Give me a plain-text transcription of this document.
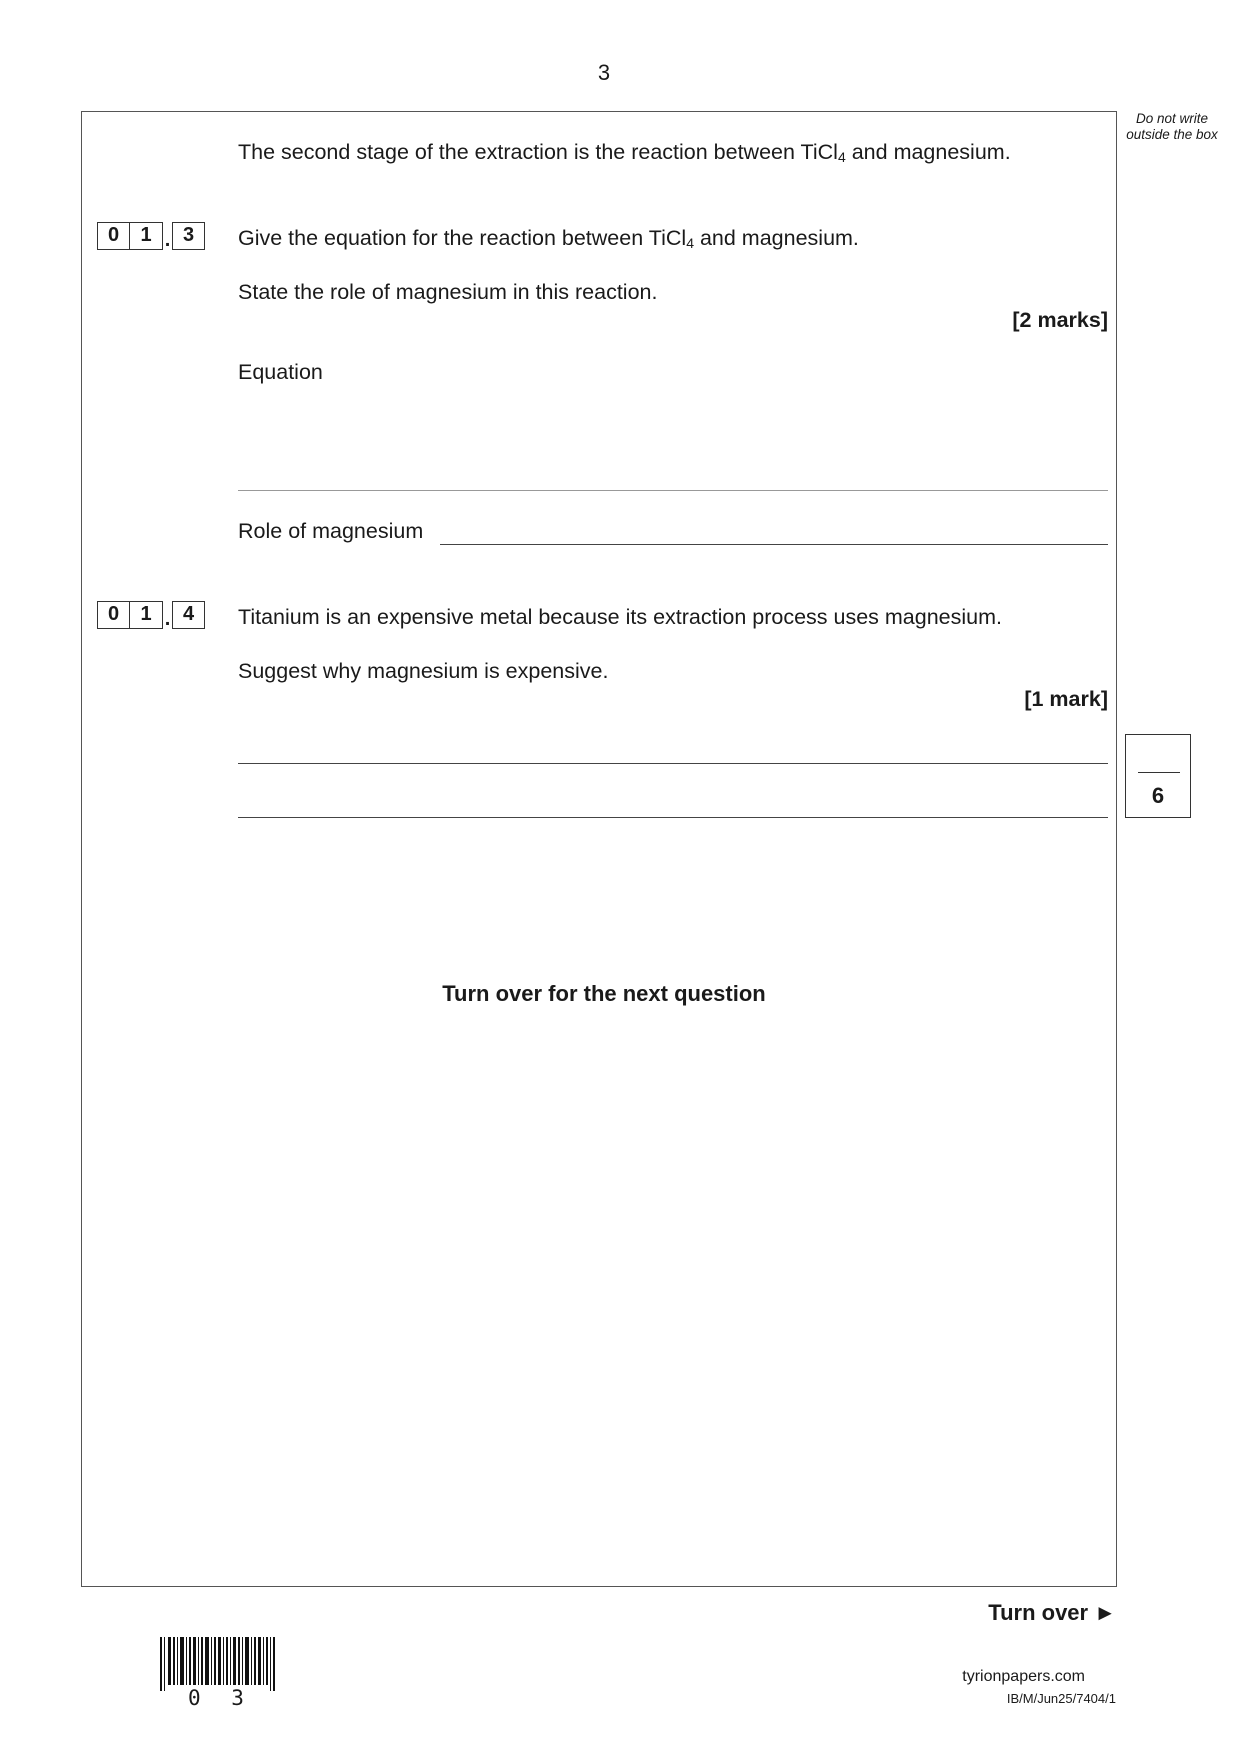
3
Do not write outside the box
The second stage of the extraction is the reaction between TiCl$_4$ and magnesium.
0	1 . 3	Give the equation for the reaction between TiCl$_4$ and magnesium.
State the role of magnesium in this reaction.
[2 marks]
Equation
Role of magnesium
0	1 . 4	Titanium is an expensive metal because its extraction process uses magnesium.
Suggest why magnesium is expensive.
[1 mark]
6
Turn over for the next question
Turn over ►
0 3
tyrionpapers.com
IB/M/Jun25/7404/1
